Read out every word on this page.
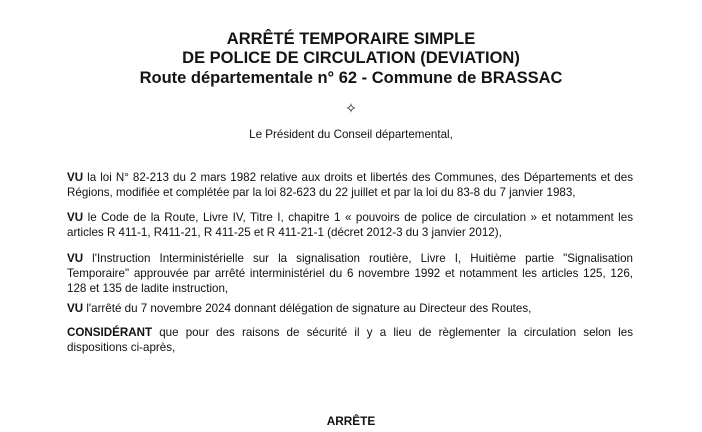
ARRÊTÉ TEMPORAIRE SIMPLE
DE POLICE DE CIRCULATION (DEVIATION)
Route départementale n° 62 - Commune de BRASSAC
✧
Le Président du Conseil départemental,

VU la loi N° 82-213 du 2 mars 1982 relative aux droits et libertés des Communes, des Départements et des Régions, modifiée et complétée par la loi 82-623 du 22 juillet et par la loi du 83-8 du 7 janvier 1983,

VU le Code de la Route, Livre IV, Titre I, chapitre 1 « pouvoirs de police de circulation » et notamment les articles R 411-1, R411-21, R 411-25 et R 411-21-1 (décret 2012-3 du 3 janvier 2012),

VU l'Instruction Interministérielle sur la signalisation routière, Livre I, Huitième partie "Signalisation Temporaire" approuvée par arrêté interministériel du 6 novembre 1992 et notamment les articles 125, 126, 128 et 135 de ladite instruction,

VU l'arrêté du 7 novembre 2024 donnant délégation de signature au Directeur des Routes,

CONSIDÉRANT que pour des raisons de sécurité il y a lieu de règlementer la circulation selon les dispositions ci-après,

ARRÊTE
